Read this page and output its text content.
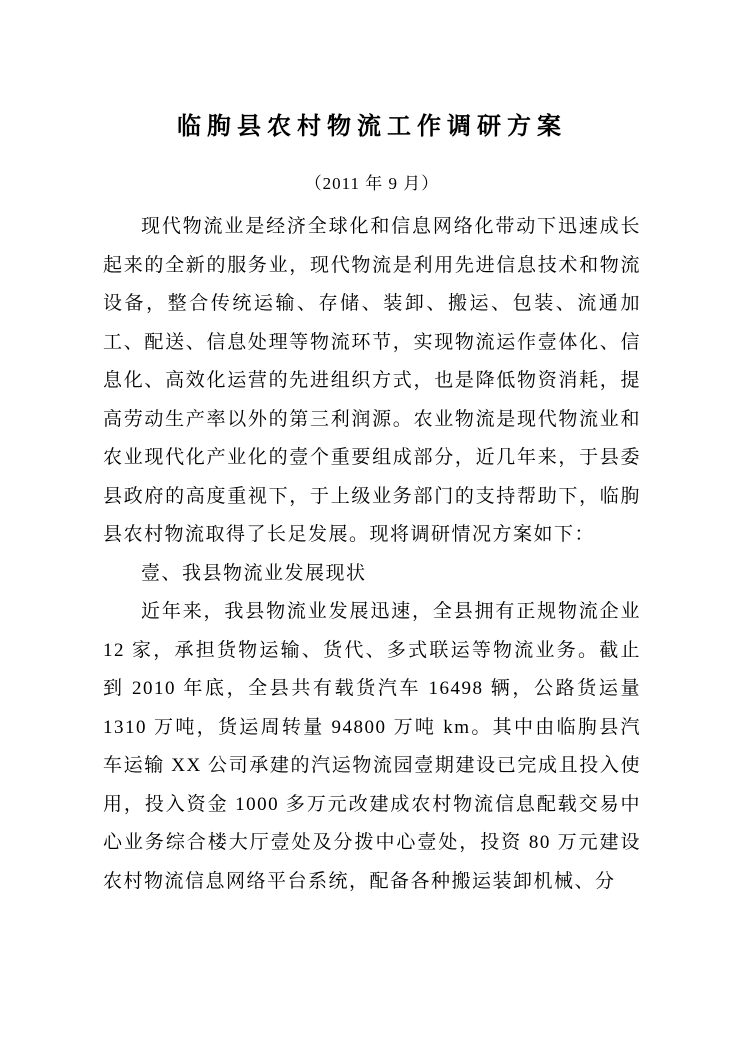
临朐县农村物流工作调研方案

（2011 年 9 月）

现代物流业是经济全球化和信息网络化带动下迅速成长起来的全新的服务业，现代物流是利用先进信息技术和物流设备，整合传统运输、存储、装卸、搬运、包装、流通加工、配送、信息处理等物流环节，实现物流运作壹体化、信息化、高效化运营的先进组织方式，也是降低物资消耗，提高劳动生产率以外的第三利润源。农业物流是现代物流业和农业现代化产业化的壹个重要组成部分，近几年来，于县委县政府的高度重视下，于上级业务部门的支持帮助下，临朐县农村物流取得了长足发展。现将调研情况方案如下：

壹、我县物流业发展现状

近年来，我县物流业发展迅速，全县拥有正规物流企业 12 家，承担货物运输、货代、多式联运等物流业务。截止到 2010 年底，全县共有载货汽车 16498 辆，公路货运量 1310 万吨，货运周转量 94800 万吨 km。其中由临朐县汽车运输 XX 公司承建的汽运物流园壹期建设已完成且投入使用，投入资金 1000 多万元改建成农村物流信息配载交易中心业务综合楼大厅壹处及分拨中心壹处，投资 80 万元建设农村物流信息网络平台系统，配备各种搬运装卸机械、分
